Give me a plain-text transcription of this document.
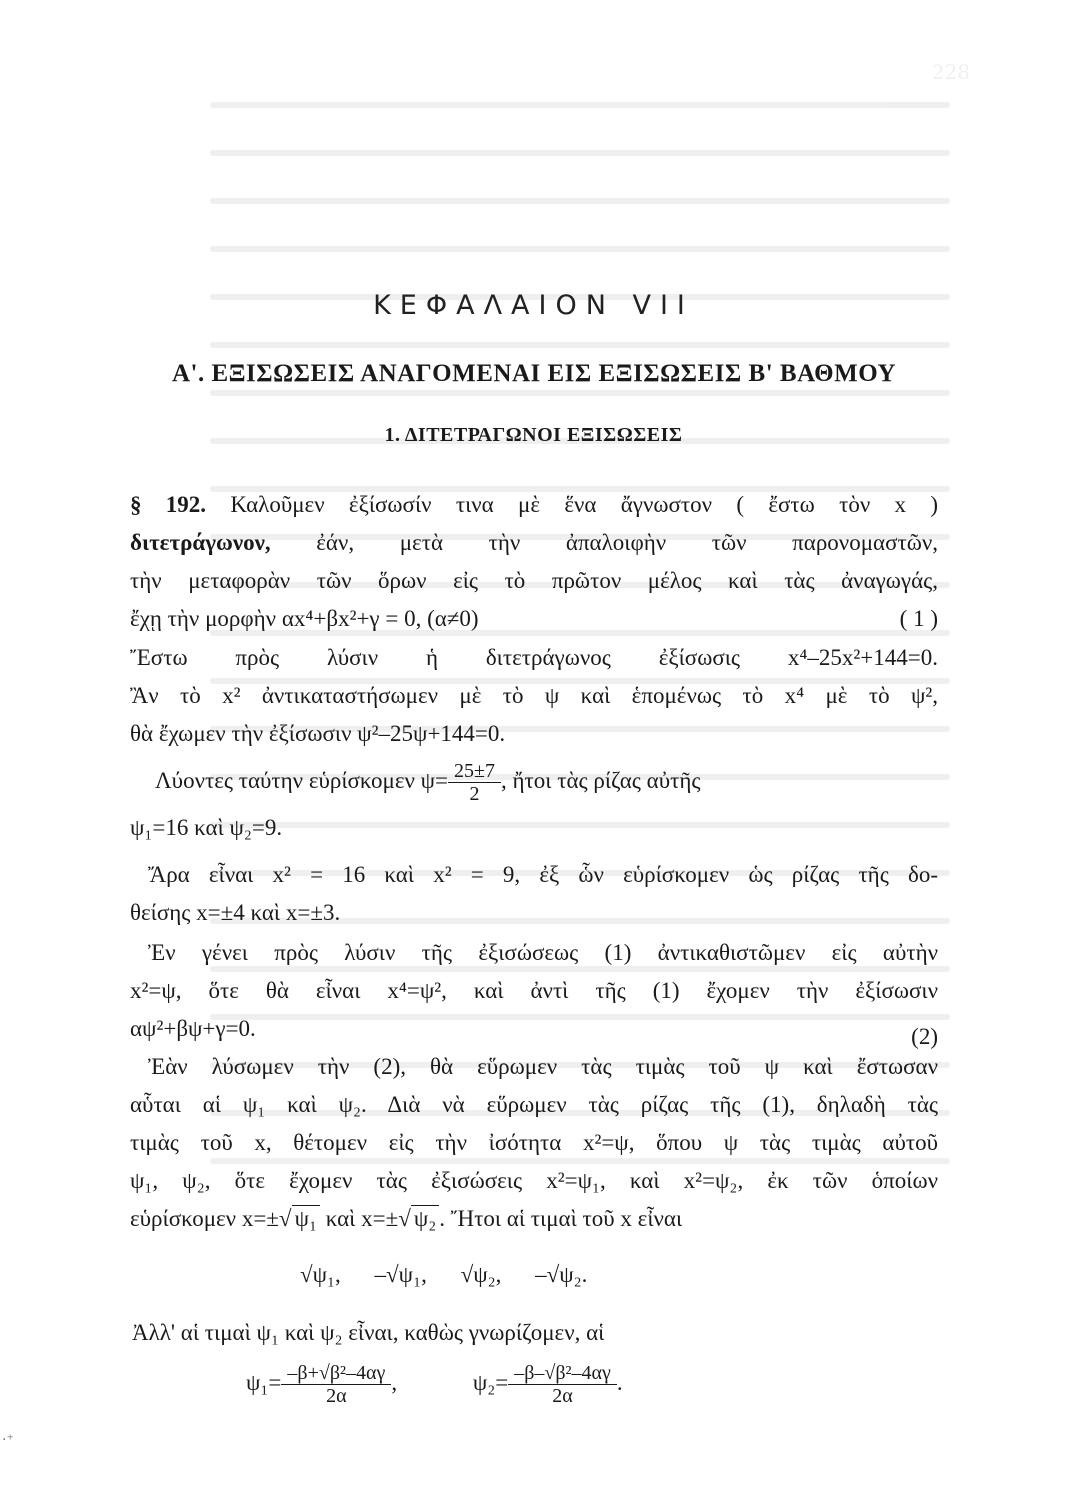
228
ΚΕΦΑΛΑΙΟΝ VII
Α'. ΕΞΙΣΩΣΕΙΣ ΑΝΑΓΟΜΕΝΑΙ ΕΙΣ ΕΞΙΣΩΣΕΙΣ Β' ΒΑΘΜΟΥ
1. ΔΙΤΕΤΡΑΓΩΝΟΙ ΕΞΙΣΩΣΕΙΣ
§ 192. Καλοῦμεν ἐξίσωσίν τινα μὲ ἕνα ἄγνωστον ( ἔστω τὸν x )
διτετράγωνον, ἐάν, μετὰ τὴν ἀπαλοιφὴν τῶν παρονομαστῶν,
τὴν μεταφορὰν τῶν ὅρων εἰς τὸ πρῶτον μέλος καὶ τὰς ἀναγωγάς,
ἔχῃ τὴν μορφὴν αx⁴+βx²+γ = 0, (α≠0)	( 1 )
Ἔστω πρὸς λύσιν ἡ διτετράγωνος ἐξίσωσις x⁴–25x²+144=0.
Ἂν τὸ x² ἀντικαταστήσωμεν μὲ τὸ ψ καὶ ἑπομένως τὸ x⁴ μὲ τὸ ψ²,
θὰ ἔχωμεν τὴν ἐξίσωσιν ψ²–25ψ+144=0.
Λύοντες ταύτην εὑρίσκομεν $\psi= \frac{25\pm 7}{2}$ , ἤτοι τὰς ρίζας αὐτῆς
ψ₁=16 καὶ ψ₂=9.
Ἄρα εἶναι x² = 16 καὶ x² = 9, ἐξ ὧν εὑρίσκομεν ὡς ρίζας τῆς δο-
θείσης x=±4 καὶ x=±3.
Ἐν γένει πρὸς λύσιν τῆς ἐξισώσεως (1) ἀντικαθιστῶμεν εἰς αὐτὴν
x²=ψ, ὅτε θὰ εἶναι x⁴=ψ², καὶ ἀντὶ τῆς (1) ἔχομεν τὴν ἐξίσωσιν
αψ²+βψ+γ=0.	(2)
Ἐὰν λύσωμεν τὴν (2), θὰ εὕρωμεν τὰς τιμὰς τοῦ ψ καὶ ἔστωσαν
αὗται αἱ ψ₁ καὶ ψ₂. Διὰ νὰ εὕρωμεν τὰς ρίζας τῆς (1), δηλαδὴ τὰς
τιμὰς τοῦ x, θέτομεν εἰς τὴν ἰσότητα x²=ψ, ὅπου ψ τὰς τιμὰς αὐτοῦ
ψ₁, ψ₂, ὅτε ἔχομεν τὰς ἐξισώσεις x²=ψ₁, καὶ x²=ψ₂, ἐκ τῶν ὁποίων
εὑρίσκομεν x=±√ ψ₁ καὶ x=±√ ψ₂ . Ἤτοι αἱ τιμαὶ τοῦ x εἶναι
√ψ₁, –√ψ₁, √ψ₂, –√ψ₂.
Ἀλλ' αἱ τιμαὶ ψ₁ καὶ ψ₂ εἶναι, καθὼς γνωρίζομεν, αἱ
$\psi_1= \frac{\text{–β+√β²–4αγ}}{2\alpha}$ ,	$\psi_2= \frac{\text{–β–√β²–4αγ}}{2\alpha}$ .
·⁺
